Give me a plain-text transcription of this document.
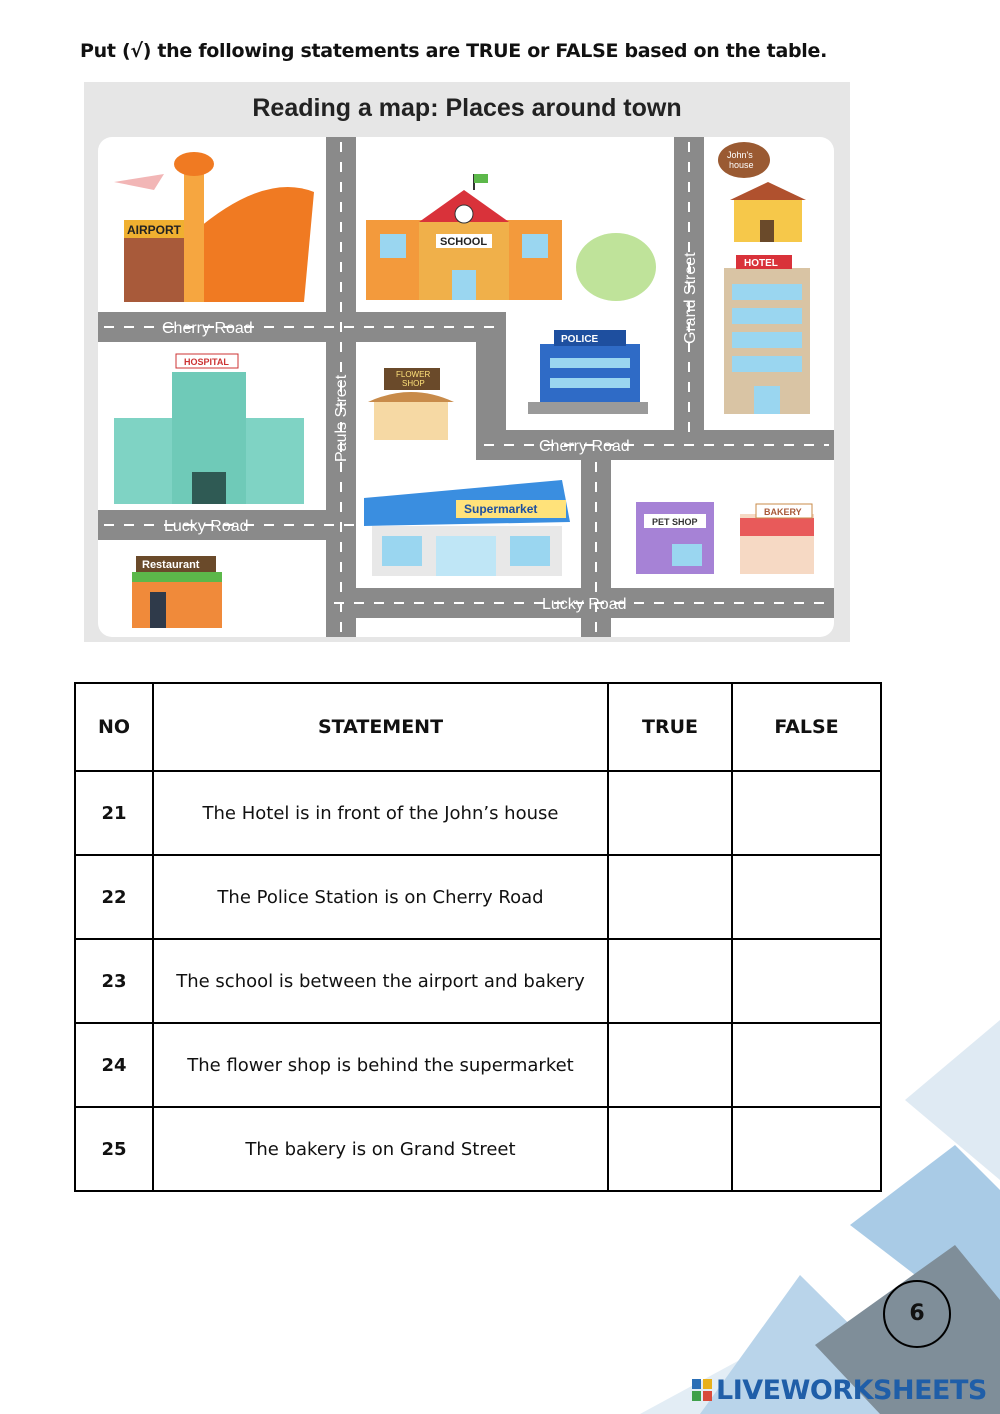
Put (√) the following statements are TRUE or FALSE based on the table.
AIRPORT
SCHOOL
POLICE
John's
house
HOTEL
HOSPITAL
FLOWER
SHOP
Supermarket
PET SHOP
BAKERY
Restaurant
Cherry Road
Cherry Road
Lucky Road
Lucky Road
Pauls Street
Grand Street
Reading a map: Places around town
NO	STATEMENT	TRUE	FALSE
21	The Hotel is in front of the John’s house		
22	The Police Station is on Cherry Road		
23	The school is between the airport and bakery		
24	The flower shop is behind the supermarket		
25	The bakery is on Grand Street		
6
LIVEWORKSHEETS
